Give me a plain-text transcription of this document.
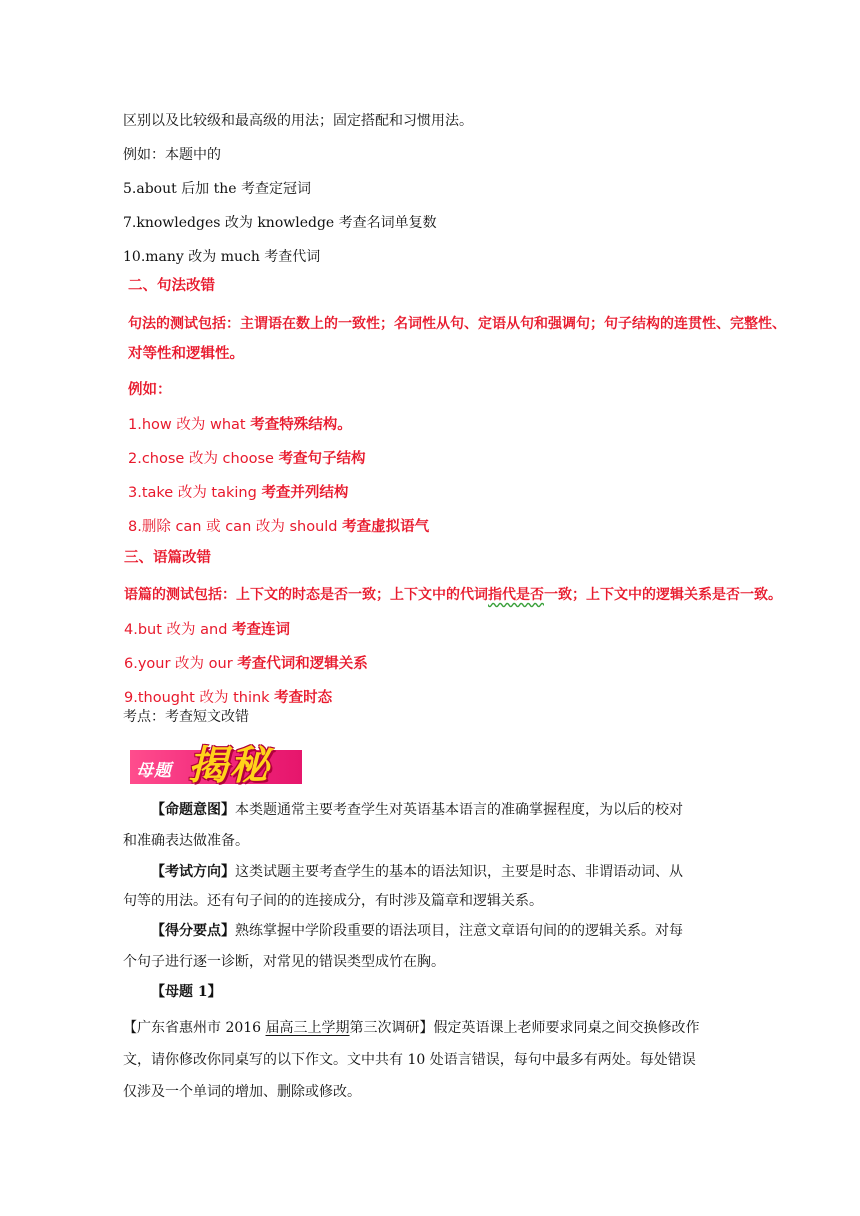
区别以及比较级和最高级的用法；固定搭配和习惯用法。
例如：本题中的
5.about 后加 the 考查定冠词
7.knowledges 改为 knowledge 考查名词单复数
10.many 改为 much 考查代词
二、句法改错
句法的测试包括：主谓语在数上的一致性；名词性从句、定语从句和强调句；句子结构的连贯性、完整性、
对等性和逻辑性。
例如：
1.how 改为 what 考查特殊结构。
2.chose 改为 choose 考查句子结构
3.take 改为 taking 考查并列结构
8.删除 can 或 can 改为 should 考查虚拟语气
三、语篇改错
语篇的测试包括：上下文的时态是否一致；上下文中的代词指代是否一致；上下文中的逻辑关系是否一致。
4.but 改为 and 考查连词
6.your 改为 our 考查代词和逻辑关系
9.thought 改为 think 考查时态
考点：考查短文改错
母题 揭秘
【命题意图】本类题通常主要考查学生对英语基本语言的准确掌握程度，为以后的校对
和准确表达做准备。
【考试方向】这类试题主要考查学生的基本的语法知识，主要是时态、非谓语动词、从
句等的用法。还有句子间的的连接成分，有时涉及篇章和逻辑关系。
【得分要点】熟练掌握中学阶段重要的语法项目，注意文章语句间的的逻辑关系。对每
个句子进行逐一诊断，对常见的错误类型成竹在胸。
【母题 1】
【广东省惠州市 2016 届高三上学期第三次调研】假定英语课上老师要求同桌之间交换修改作
文，请你修改你同桌写的以下作文。文中共有 10 处语言错误，每句中最多有两处。每处错误
仅涉及一个单词的增加、删除或修改。
